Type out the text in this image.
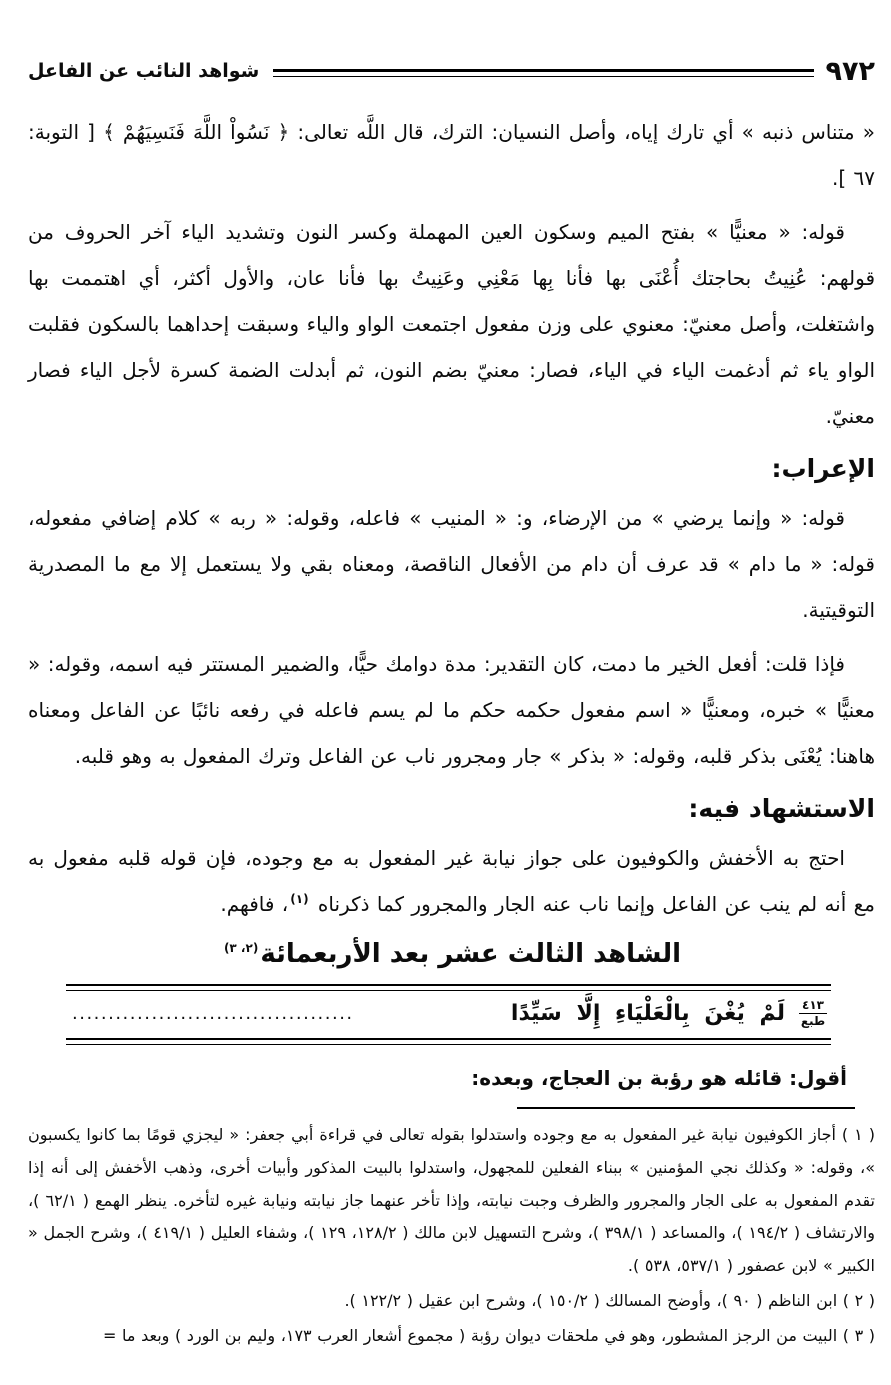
٩٧٢
شواهد النائب عن الفاعل

« متناس ذنبه » أي تارك إياه، وأصل النسيان: الترك، قال اللَّه تعالى: ﴿ نَسُواْ اللَّهَ فَنَسِيَهُمْ ﴾ [ التوبة: ٦٧ ].

قوله: « معنيًّا » بفتح الميم وسكون العين المهملة وكسر النون وتشديد الياء آخر الحروف من قولهم: عُنِيتُ بحاجتك أُعْنَى بها فأنا بِها مَعْنِي وعَنِيتُ بها فأنا عان، والأول أكثر، أي اهتممت بها واشتغلت، وأصل معنيّ: معنوي على وزن مفعول اجتمعت الواو والياء وسبقت إحداهما بالسكون فقلبت الواو ياء ثم أدغمت الياء في الياء، فصار: معنيّ بضم النون، ثم أبدلت الضمة كسرة لأجل الياء فصار معنيّ.

الإعراب:

قوله: « وإنما يرضي » من الإرضاء، و: « المنيب » فاعله، وقوله: « ربه » كلام إضافي مفعوله، قوله: « ما دام » قد عرف أن دام من الأفعال الناقصة، ومعناه بقي ولا يستعمل إلا مع ما المصدرية التوقيتية.

فإذا قلت: أفعل الخير ما دمت، كان التقدير: مدة دوامك حيًّا، والضمير المستتر فيه اسمه، وقوله: « معنيًّا » خبره، ومعنيًّا « اسم مفعول حكمه حكم ما لم يسم فاعله في رفعه نائبًا عن الفاعل ومعناه هاهنا: يُعْنَى بذكر قلبه، وقوله: « بذكر » جار ومجرور ناب عن الفاعل وترك المفعول به وهو قلبه.

الاستشهاد فيه:

احتج به الأخفش والكوفيون على جواز نيابة غير المفعول به مع وجوده، فإن قوله قلبه مفعول به مع أنه لم ينب عن الفاعل وإنما ناب عنه الجار والمجرور كما ذكرناه $^{(١)}$، فافهم.

الشاهد الثالث عشر بعد الأربعمائة$^{(٢، ٣)}$
٤١٣
طبع
لَمْ يُغْنَ بِالْعَلْيَاءِ إِلَّا سَيِّدًا
.......................................

أقول: قائله هو رؤبة بن العجاج، وبعده:

( ١ ) أجاز الكوفيون نيابة غير المفعول به مع وجوده واستدلوا بقوله تعالى في قراءة أبي جعفر: « ليجزي قومًا بما كانوا يكسبون »، وقوله: « وكذلك نجي المؤمنين » ببناء الفعلين للمجهول، واستدلوا بالبيت المذكور وأبيات أخرى، وذهب الأخفش إلى أنه إذا تقدم المفعول به على الجار والمجرور والظرف وجبت نيابته، وإذا تأخر عنهما جاز نيابته ونيابة غيره لتأخره. ينظر الهمع ( ٦٢/١ )، والارتشاف ( ١٩٤/٢ )، والمساعد ( ٣٩٨/١ )، وشرح التسهيل لابن مالك ( ١٢٨/٢، ١٢٩ )، وشفاء العليل ( ٤١٩/١ )، وشرح الجمل « الكبير » لابن عصفور ( ٥٣٧/١، ٥٣٨ ).

( ٢ ) ابن الناظم ( ٩٠ )، وأوضح المسالك ( ١٥٠/٢ )، وشرح ابن عقيل ( ١٢٢/٢ ).

( ٣ ) البيت من الرجز المشطور، وهو في ملحقات ديوان رؤبة ( مجموع أشعار العرب ١٧٣، وليم بن الورد ) وبعد ما =
